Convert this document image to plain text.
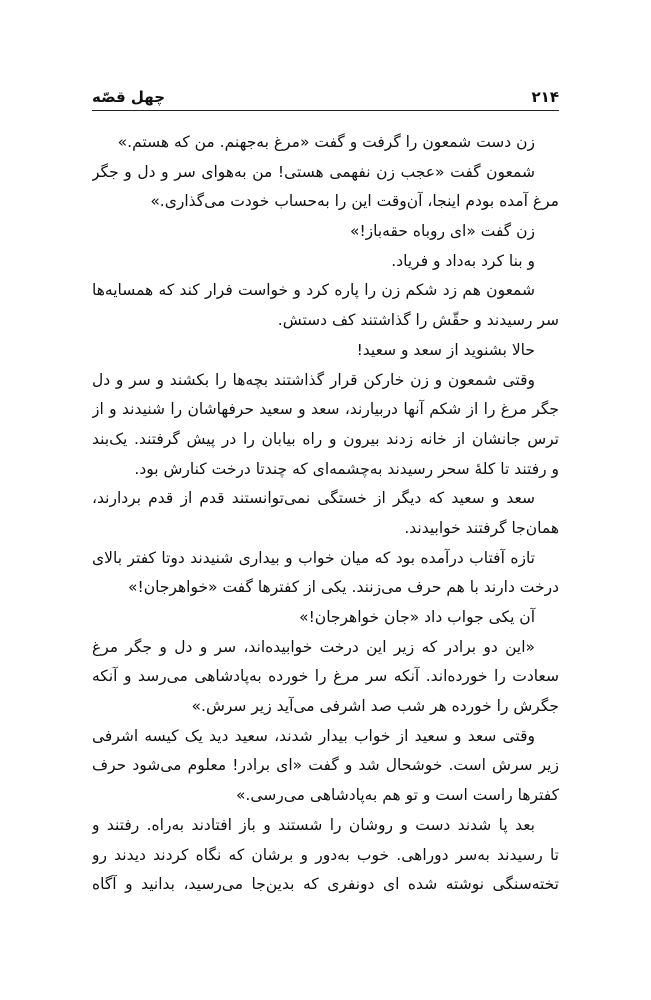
۲۱۴
چهل قصّه
زن دست شمعون را گرفت و گفت «مرغ به‌جهنم. من که هستم.»
شمعون گفت «عجب زن نفهمی هستی! من به‌هوای سر و دل و جگر
مرغ آمده بودم اینجا، آن‌وقت این را به‌حساب خودت می‌گذاری.»
زن گفت «ای روباه حقه‌باز!»
و بنا کرد به‌داد و فریاد.
شمعون هم زد شکم زن را پاره کرد و خواست فرار کند که همسایه‌ها
سر رسیدند و حقّش را گذاشتند کف دستش.
حالا بشنوید از سعد و سعید!
وقتی شمعون و زن خارکن قرار گذاشتند بچه‌ها را بکشند و سر و دل
جگر مرغ را از شکم آنها دربیارند، سعد و سعید حرفهاشان را شنیدند و از
ترس جانشان از خانه زدند بیرون و راه بیابان را در پیش گرفتند. یک‌بند
و رفتند تا کلهٔ سحر رسیدند به‌چشمه‌ای که چندتا درخت کنارش بود.
سعد و سعید که دیگر از خستگی نمی‌توانستند قدم از قدم بردارند،
همان‌جا گرفتند خوابیدند.
تازه آفتاب درآمده بود که میان خواب و بیداری شنیدند دوتا کفتر بالای
درخت دارند با هم حرف می‌زنند. یکی از کفترها گفت «خواهرجان!»
آن یکی جواب داد «جان خواهرجان!»
«این دو برادر که زیر این درخت خوابیده‌اند، سر و دل و جگر مرغ
سعادت را خورده‌اند. آنکه سر مرغ را خورده به‌پادشاهی می‌رسد و آنکه
جگرش را خورده هر شب صد اشرفی می‌آید زیر سرش.»
وقتی سعد و سعید از خواب بیدار شدند، سعید دید یک کیسه اشرفی
زیر سرش است. خوشحال شد و گفت «ای برادر! معلوم می‌شود حرف
کفترها راست است و تو هم به‌پادشاهی می‌رسی.»
بعد پا شدند دست و روشان را شستند و باز افتادند به‌راه. رفتند و
تا رسیدند به‌سر دوراهی. خوب به‌دور و برشان که نگاه کردند دیدند رو
تخته‌سنگی نوشته شده ای دونفری که بدین‌جا می‌رسید، بدانید و آگاه
